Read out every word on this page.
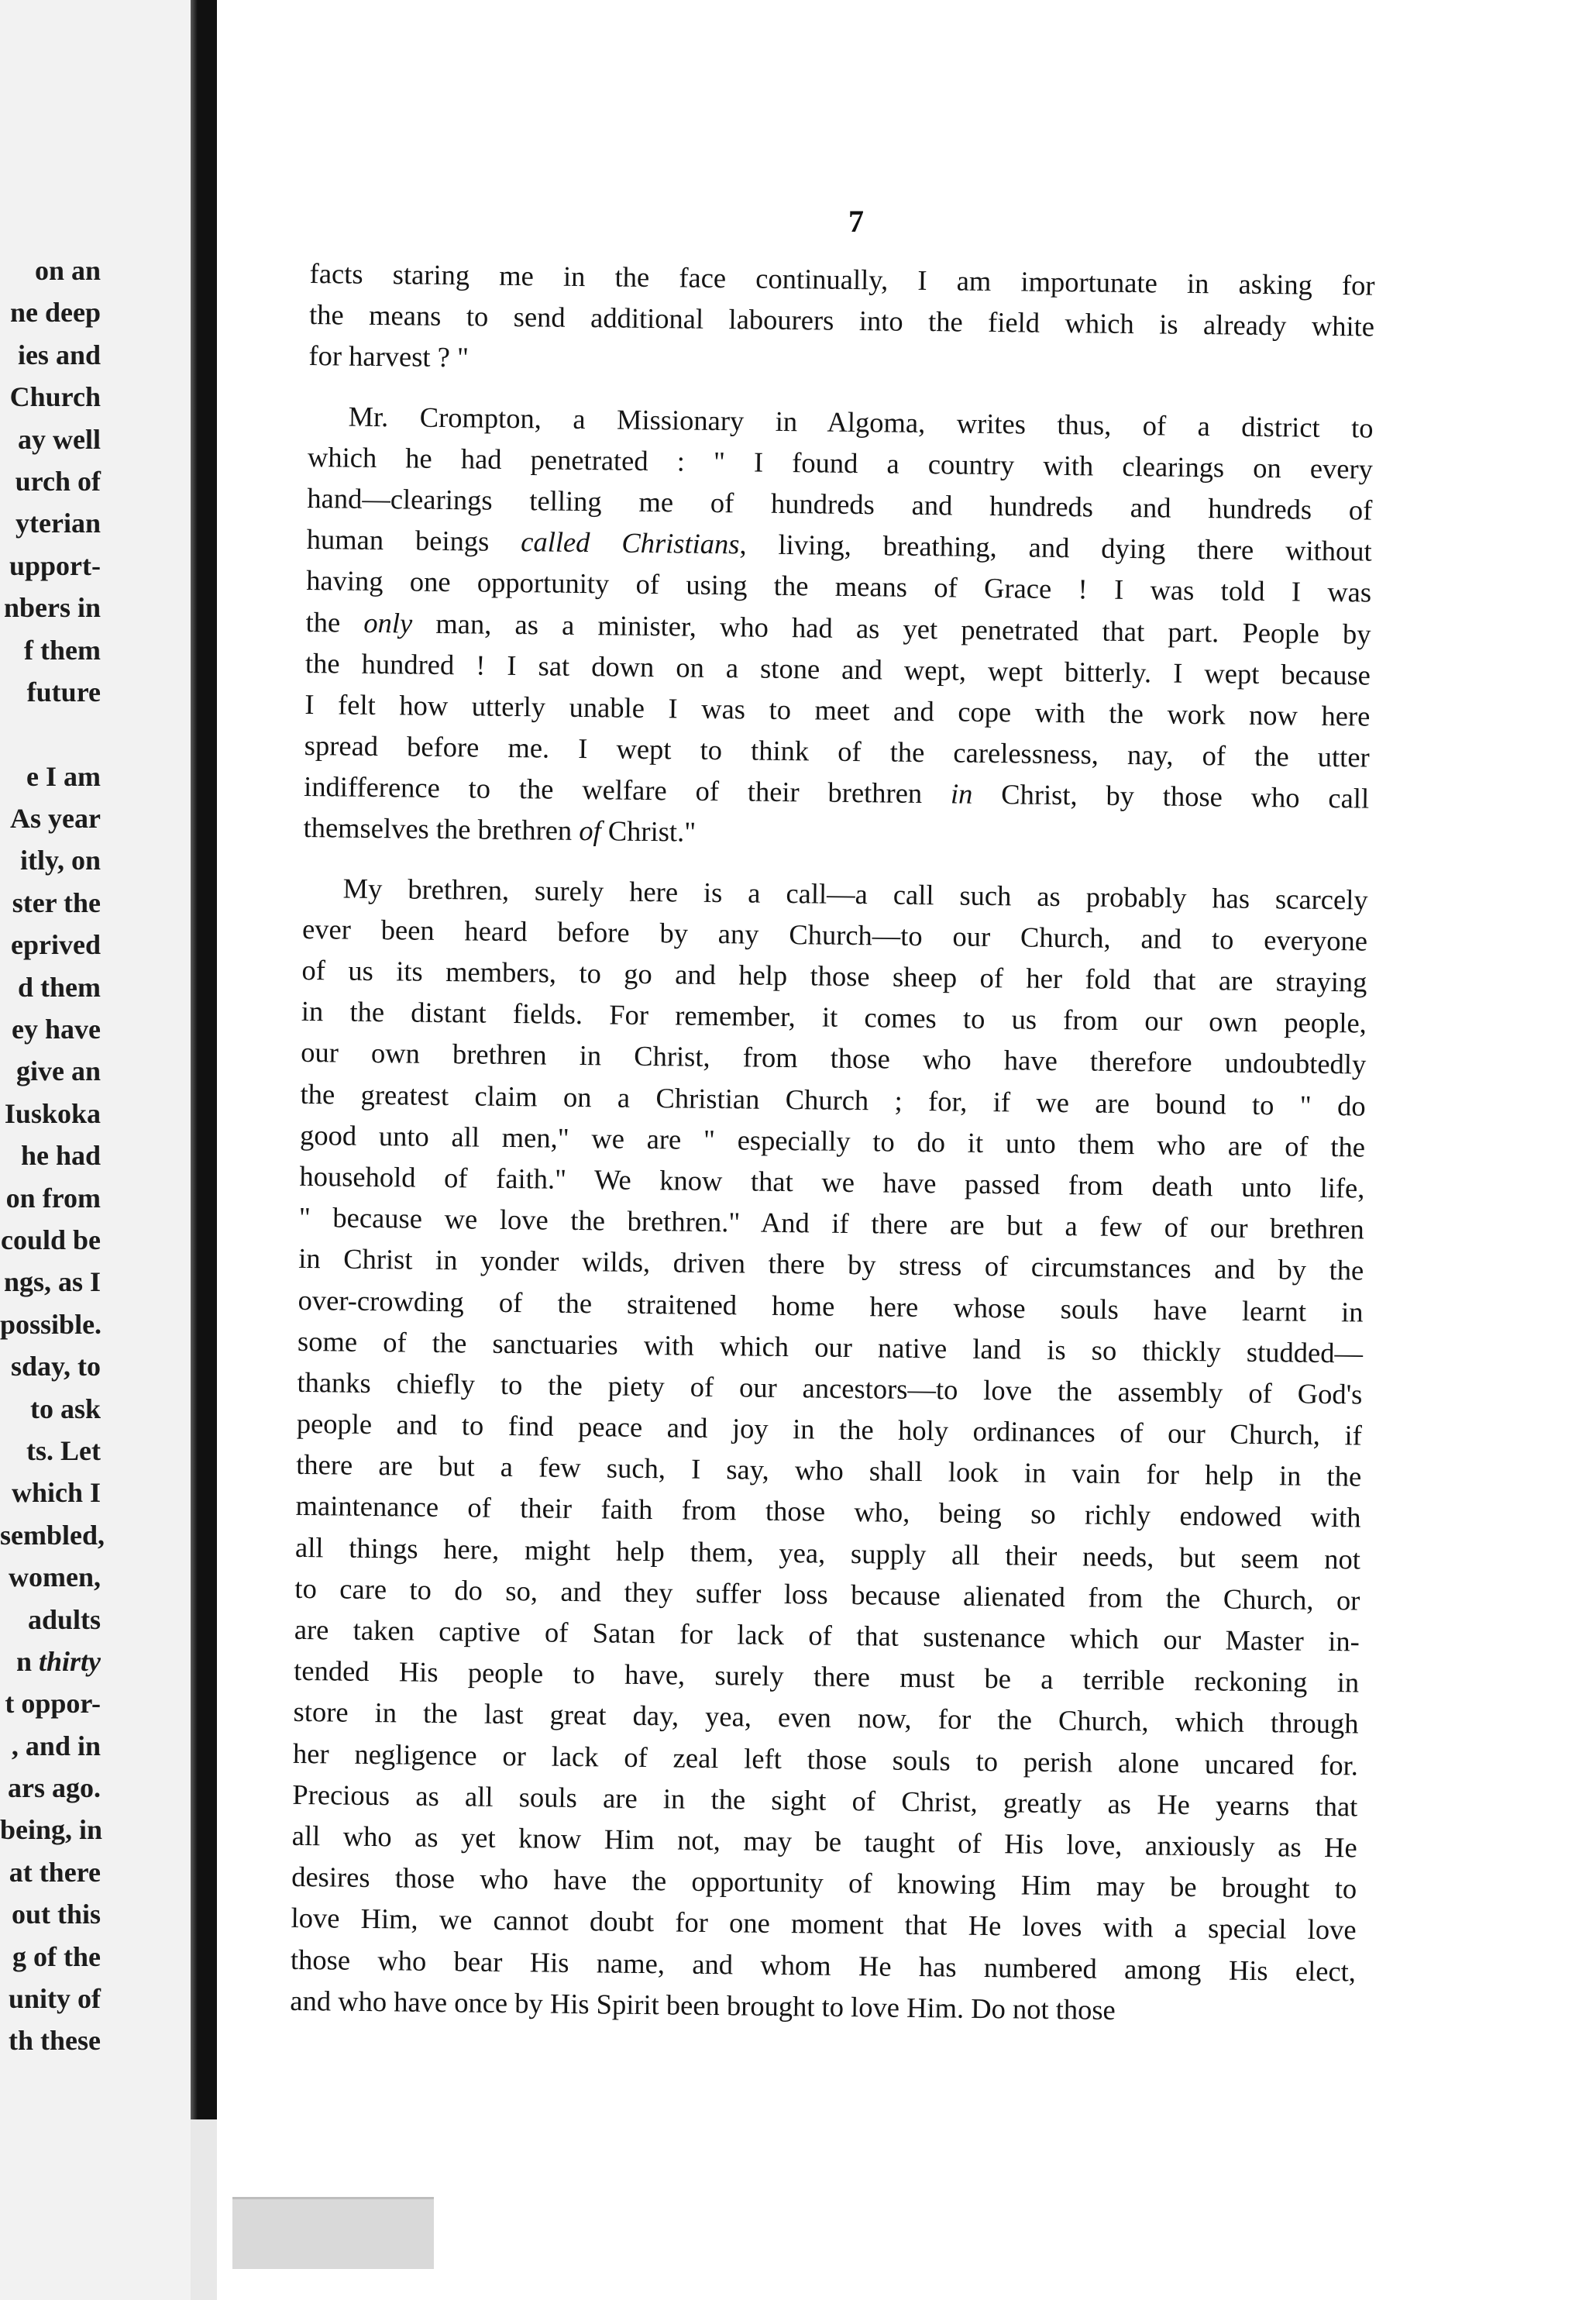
on an
ne deep
ies and
Church
ay well
urch of
yterian
upport-
nbers in
f them
future
e I am
As year
itly, on
ster the
eprived
d them
ey have
give an
Iuskoka
he had
on from
could be
ngs, as I
possible.
sday, to
to ask
ts. Let
which I
sembled,
women,
adults
n thirty
t oppor-
, and in
ars ago.
being, in
at there
out this
g of the
unity of
th these
7
facts staring me in the face continually, I am importunate in asking for
the means to send additional labourers into the field which is already white
for harvest ? "
Mr. Crompton, a Missionary in Algoma, writes thus, of a district to
which he had penetrated : " I found a country with clearings on every
hand—clearings telling me of hundreds and hundreds and hundreds of
human beings called Christians, living, breathing, and dying there without
having one opportunity of using the means of Grace ! I was told I was
the only man, as a minister, who had as yet penetrated that part. People by
the hundred ! I sat down on a stone and wept, wept bitterly. I wept because
I felt how utterly unable I was to meet and cope with the work now here
spread before me. I wept to think of the carelessness, nay, of the utter
indifference to the welfare of their brethren in Christ, by those who call
themselves the brethren of Christ."
My brethren, surely here is a call—a call such as probably has scarcely
ever been heard before by any Church—to our Church, and to everyone
of us its members, to go and help those sheep of her fold that are straying
in the distant fields. For remember, it comes to us from our own people,
our own brethren in Christ, from those who have therefore undoubtedly
the greatest claim on a Christian Church ; for, if we are bound to " do
good unto all men," we are " especially to do it unto them who are of the
household of faith." We know that we have passed from death unto life,
" because we love the brethren." And if there are but a few of our brethren
in Christ in yonder wilds, driven there by stress of circumstances and by the
over-crowding of the straitened home here whose souls have learnt in
some of the sanctuaries with which our native land is so thickly studded—
thanks chiefly to the piety of our ancestors—to love the assembly of God's
people and to find peace and joy in the holy ordinances of our Church, if
there are but a few such, I say, who shall look in vain for help in the
maintenance of their faith from those who, being so richly endowed with
all things here, might help them, yea, supply all their needs, but seem not
to care to do so, and they suffer loss because alienated from the Church, or
are taken captive of Satan for lack of that sustenance which our Master in-
tended His people to have, surely there must be a terrible reckoning in
store in the last great day, yea, even now, for the Church, which through
her negligence or lack of zeal left those souls to perish alone uncared for.
Precious as all souls are in the sight of Christ, greatly as He yearns that
all who as yet know Him not, may be taught of His love, anxiously as He
desires those who have the opportunity of knowing Him may be brought to
love Him, we cannot doubt for one moment that He loves with a special love
those who bear His name, and whom He has numbered among His elect,
and who have once by His Spirit been brought to love Him. Do not those
